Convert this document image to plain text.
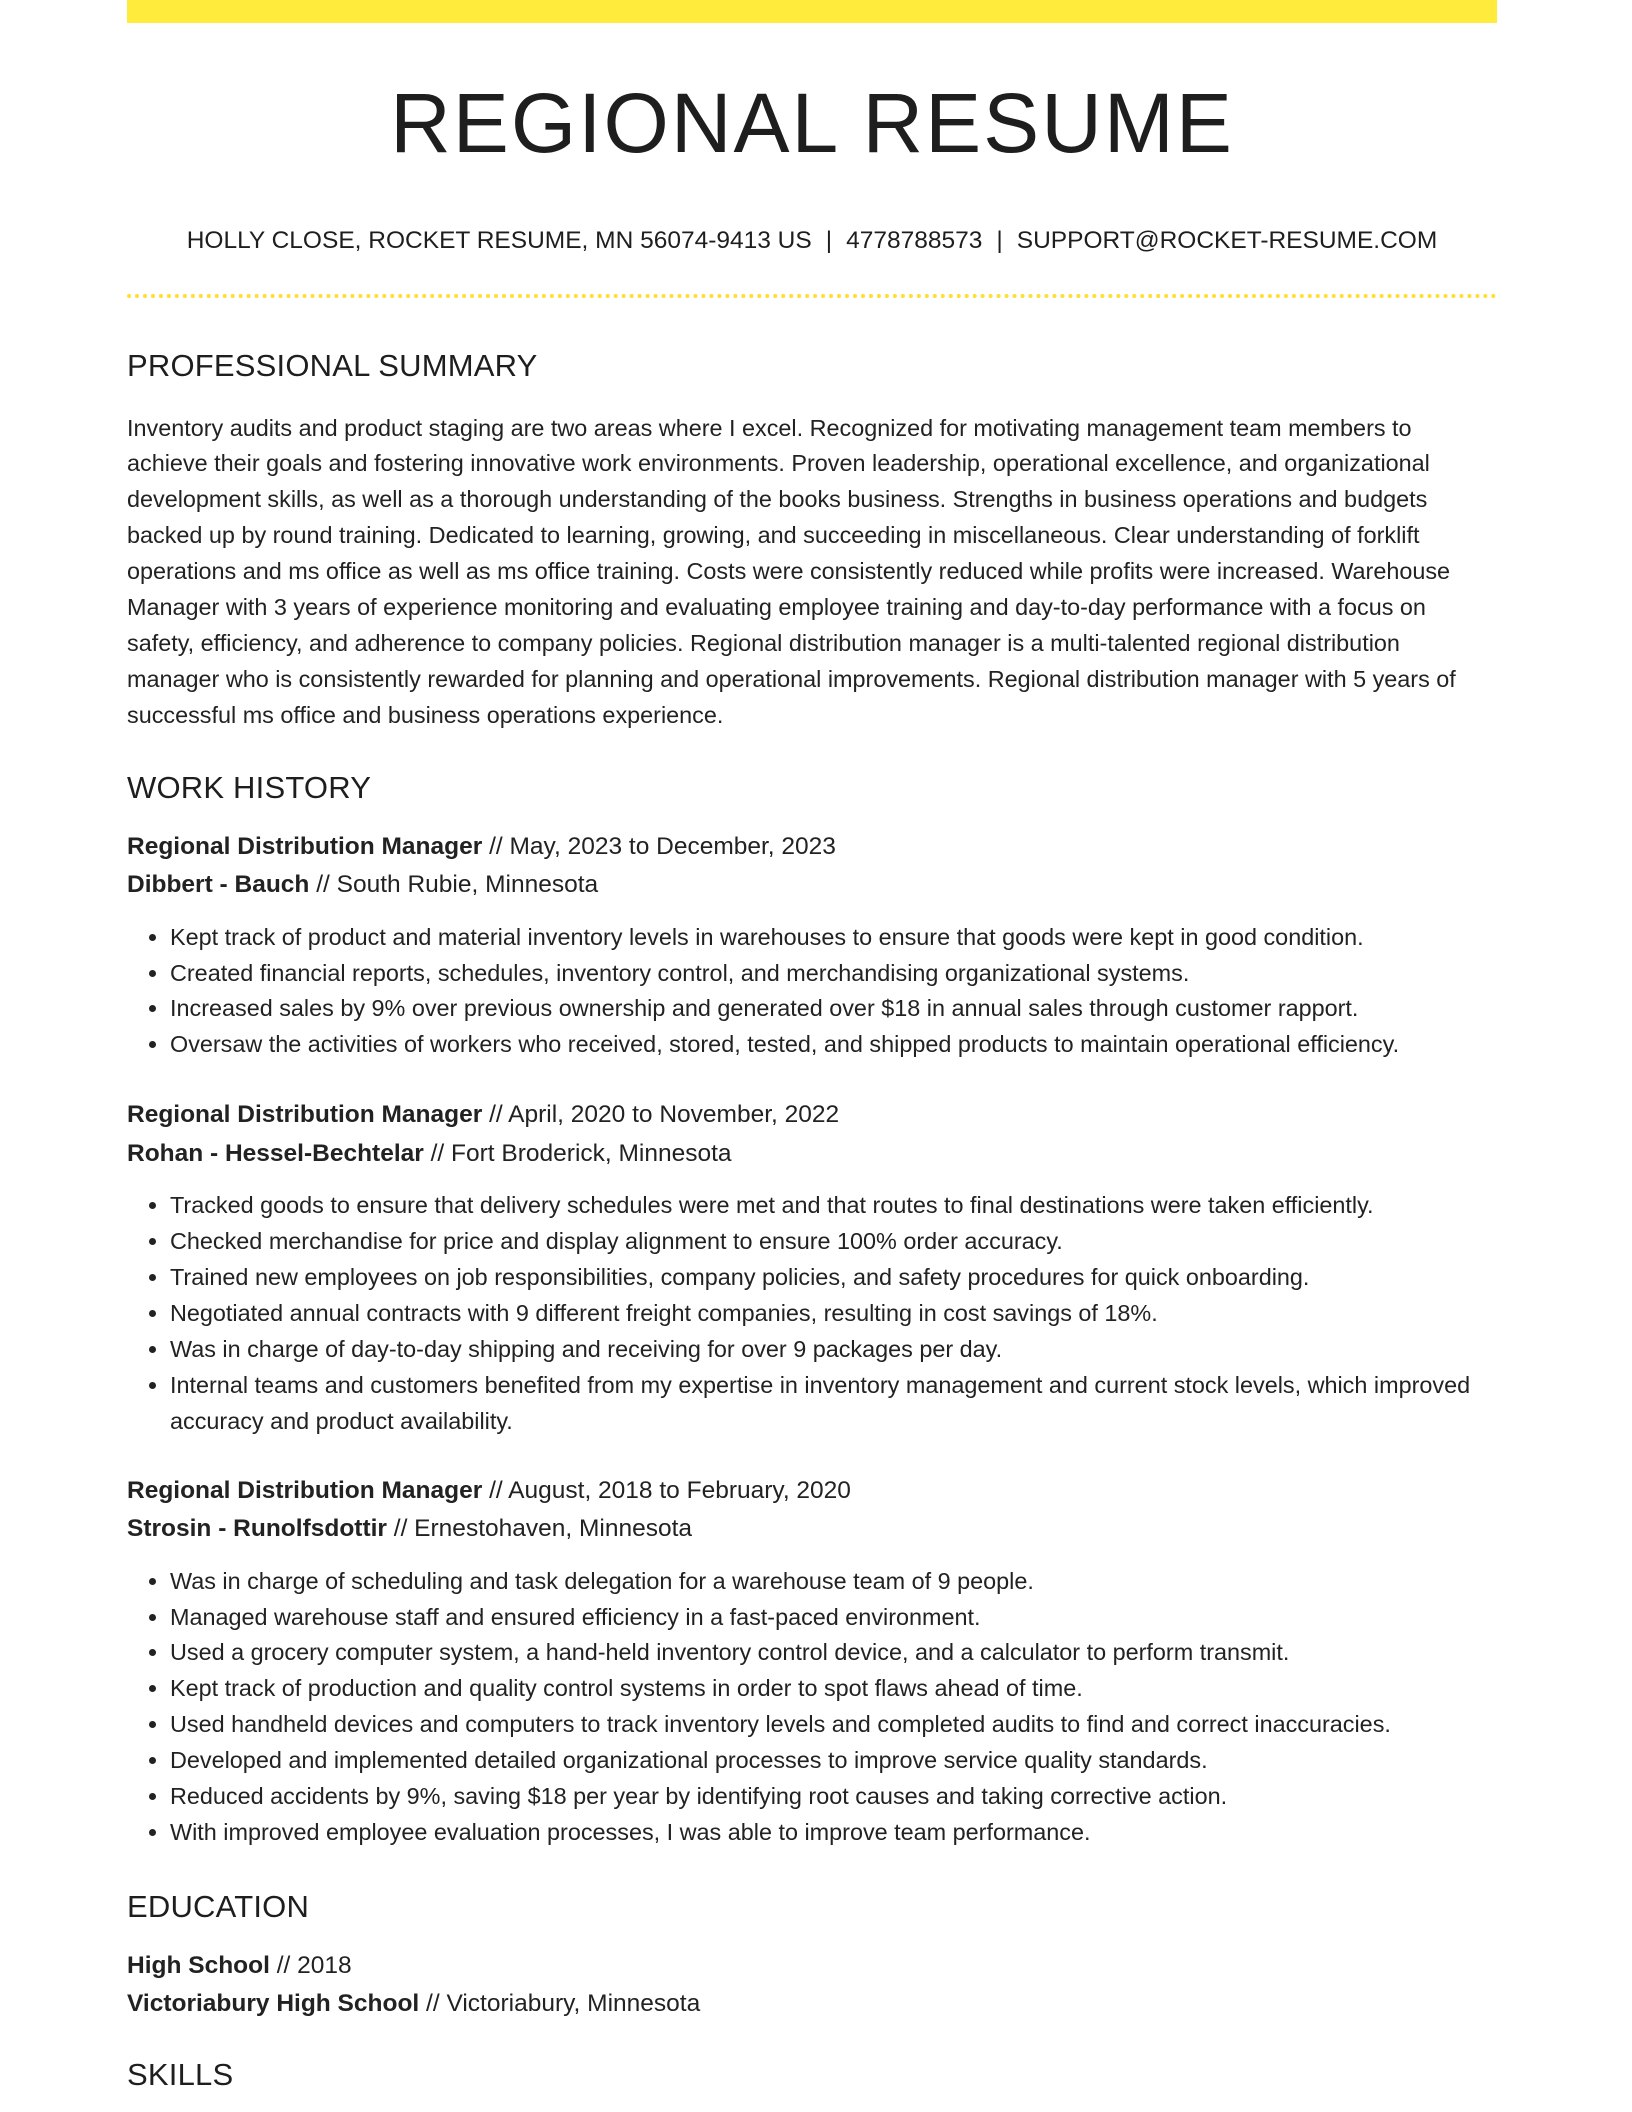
REGIONAL RESUME
HOLLY CLOSE, ROCKET RESUME, MN 56074-9413 US | 4778788573 | SUPPORT@ROCKET-RESUME.COM
PROFESSIONAL SUMMARY

Inventory audits and product staging are two areas where I excel. Recognized for motivating management team members to achieve their goals and fostering innovative work environments. Proven leadership, operational excellence, and organizational development skills, as well as a thorough understanding of the books business. Strengths in business operations and budgets backed up by round training. Dedicated to learning, growing, and succeeding in miscellaneous. Clear understanding of forklift operations and ms office as well as ms office training. Costs were consistently reduced while profits were increased. Warehouse Manager with 3 years of experience monitoring and evaluating employee training and day-to-day performance with a focus on safety, efficiency, and adherence to company policies. Regional distribution manager is a multi-talented regional distribution manager who is consistently rewarded for planning and operational improvements. Regional distribution manager with 5 years of successful ms office and business operations experience.

WORK HISTORY
Regional Distribution Manager // May, 2023 to December, 2023
Dibbert - Bauch // South Rubie, Minnesota
• Kept track of product and material inventory levels in warehouses to ensure that goods were kept in good condition.
• Created financial reports, schedules, inventory control, and merchandising organizational systems.
• Increased sales by 9% over previous ownership and generated over $18 in annual sales through customer rapport.
• Oversaw the activities of workers who received, stored, tested, and shipped products to maintain operational efficiency.
Regional Distribution Manager // April, 2020 to November, 2022
Rohan - Hessel-Bechtelar // Fort Broderick, Minnesota
• Tracked goods to ensure that delivery schedules were met and that routes to final destinations were taken efficiently.
• Checked merchandise for price and display alignment to ensure 100% order accuracy.
• Trained new employees on job responsibilities, company policies, and safety procedures for quick onboarding.
• Negotiated annual contracts with 9 different freight companies, resulting in cost savings of 18%.
• Was in charge of day-to-day shipping and receiving for over 9 packages per day.
• Internal teams and customers benefited from my expertise in inventory management and current stock levels, which improved accuracy and product availability.
Regional Distribution Manager // August, 2018 to February, 2020
Strosin - Runolfsdottir // Ernestohaven, Minnesota
• Was in charge of scheduling and task delegation for a warehouse team of 9 people.
• Managed warehouse staff and ensured efficiency in a fast-paced environment.
• Used a grocery computer system, a hand-held inventory control device, and a calculator to perform transmit.
• Kept track of production and quality control systems in order to spot flaws ahead of time.
• Used handheld devices and computers to track inventory levels and completed audits to find and correct inaccuracies.
• Developed and implemented detailed organizational processes to improve service quality standards.
• Reduced accidents by 9%, saving $18 per year by identifying root causes and taking corrective action.
• With improved employee evaluation processes, I was able to improve team performance.
EDUCATION
High School // 2018
Victoriabury High School // Victoriabury, Minnesota
SKILLS
